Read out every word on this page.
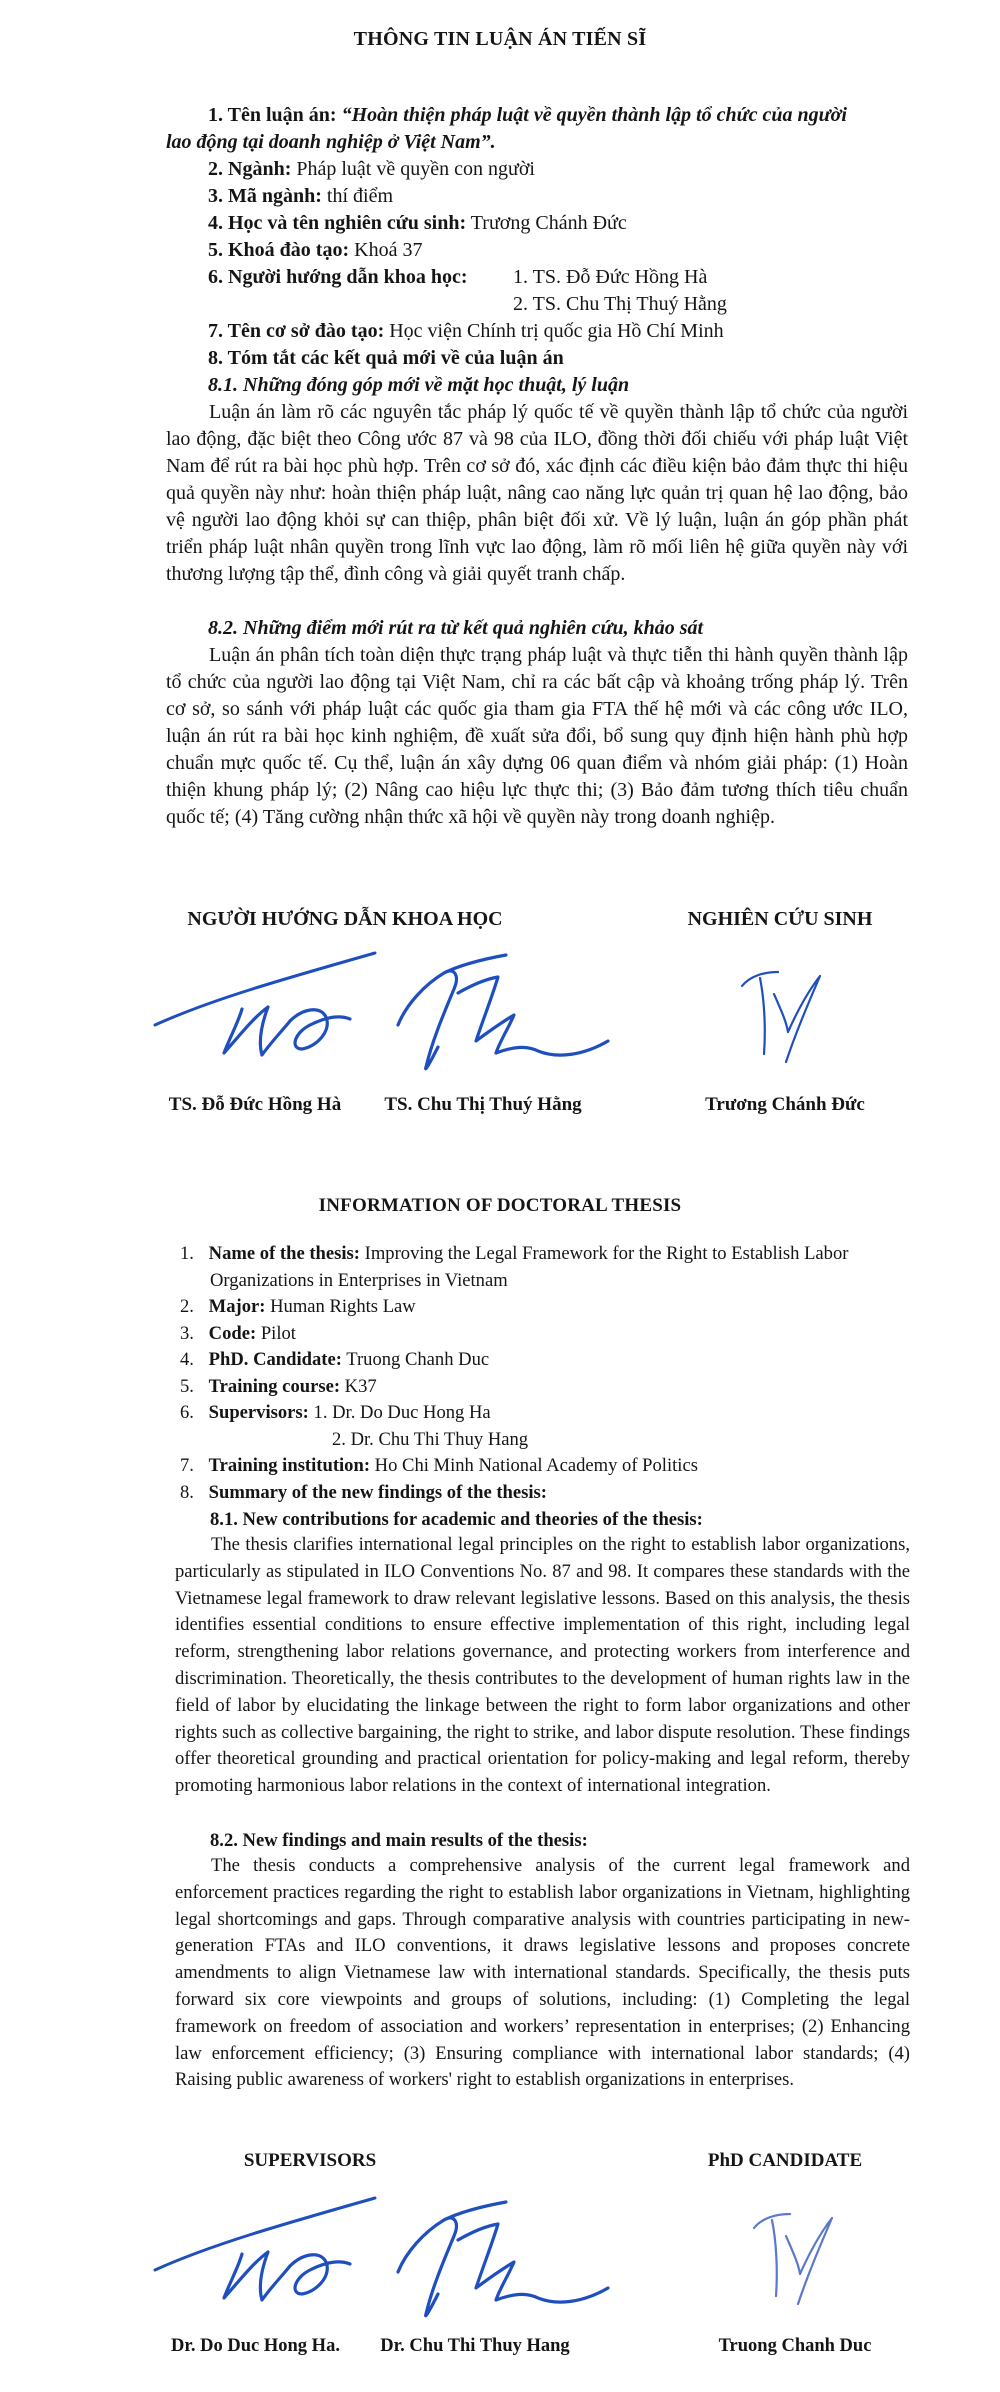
THÔNG TIN LUẬN ÁN TIẾN SĨ
1. Tên luận án: “Hoàn thiện pháp luật về quyền thành lập tổ chức của người
lao động tại doanh nghiệp ở Việt Nam”.
2. Ngành: Pháp luật về quyền con người
3. Mã ngành: thí điểm
4. Học và tên nghiên cứu sinh: Trương Chánh Đức
5. Khoá đào tạo: Khoá 37
6. Người hướng dẫn khoa học: 1. TS. Đỗ Đức Hồng Hà
2. TS. Chu Thị Thuý Hằng
7. Tên cơ sở đào tạo: Học viện Chính trị quốc gia Hồ Chí Minh
8. Tóm tắt các kết quả mới về của luận án
8.1. Những đóng góp mới về mặt học thuật, lý luận
Luận án làm rõ các nguyên tắc pháp lý quốc tế về quyền thành lập tổ chức của người lao động, đặc biệt theo Công ước 87 và 98 của ILO, đồng thời đối chiếu với pháp luật Việt Nam để rút ra bài học phù hợp. Trên cơ sở đó, xác định các điều kiện bảo đảm thực thi hiệu quả quyền này như: hoàn thiện pháp luật, nâng cao năng lực quản trị quan hệ lao động, bảo vệ người lao động khỏi sự can thiệp, phân biệt đối xử. Về lý luận, luận án góp phần phát triển pháp luật nhân quyền trong lĩnh vực lao động, làm rõ mối liên hệ giữa quyền này với thương lượng tập thể, đình công và giải quyết tranh chấp.
8.2. Những điểm mới rút ra từ kết quả nghiên cứu, khảo sát
Luận án phân tích toàn diện thực trạng pháp luật và thực tiễn thi hành quyền thành lập tổ chức của người lao động tại Việt Nam, chỉ ra các bất cập và khoảng trống pháp lý. Trên cơ sở, so sánh với pháp luật các quốc gia tham gia FTA thế hệ mới và các công ước ILO, luận án rút ra bài học kinh nghiệm, đề xuất sửa đổi, bổ sung quy định hiện hành phù hợp chuẩn mực quốc tế. Cụ thể, luận án xây dựng 06 quan điểm và nhóm giải pháp: (1) Hoàn thiện khung pháp lý; (2) Nâng cao hiệu lực thực thi; (3) Bảo đảm tương thích tiêu chuẩn quốc tế; (4) Tăng cường nhận thức xã hội về quyền này trong doanh nghiệp.
NGƯỜI HƯỚNG DẪN KHOA HỌC	NGHIÊN CỨU SINH
TS. Đỗ Đức Hồng Hà	TS. Chu Thị Thuý Hằng	Trương Chánh Đức
INFORMATION OF DOCTORAL THESIS
1. Name of the thesis: Improving the Legal Framework for the Right to Establish Labor
Organizations in Enterprises in Vietnam
2. Major: Human Rights Law
3. Code: Pilot
4. PhD. Candidate: Truong Chanh Duc
5. Training course: K37
6. Supervisors: 1. Dr. Do Duc Hong Ha
2. Dr. Chu Thi Thuy Hang
7. Training institution: Ho Chi Minh National Academy of Politics
8. Summary of the new findings of the thesis:
8.1. New contributions for academic and theories of the thesis:
The thesis clarifies international legal principles on the right to establish labor organizations, particularly as stipulated in ILO Conventions No. 87 and 98. It compares these standards with the Vietnamese legal framework to draw relevant legislative lessons. Based on this analysis, the thesis identifies essential conditions to ensure effective implementation of this right, including legal reform, strengthening labor relations governance, and protecting workers from interference and discrimination. Theoretically, the thesis contributes to the development of human rights law in the field of labor by elucidating the linkage between the right to form labor organizations and other rights such as collective bargaining, the right to strike, and labor dispute resolution. These findings offer theoretical grounding and practical orientation for policy-making and legal reform, thereby promoting harmonious labor relations in the context of international integration.
8.2. New findings and main results of the thesis:
The thesis conducts a comprehensive analysis of the current legal framework and enforcement practices regarding the right to establish labor organizations in Vietnam, highlighting legal shortcomings and gaps. Through comparative analysis with countries participating in new-generation FTAs and ILO conventions, it draws legislative lessons and proposes concrete amendments to align Vietnamese law with international standards. Specifically, the thesis puts forward six core viewpoints and groups of solutions, including: (1) Completing the legal framework on freedom of association and workers’ representation in enterprises; (2) Enhancing law enforcement efficiency; (3) Ensuring compliance with international labor standards; (4) Raising public awareness of workers' right to establish organizations in enterprises.
SUPERVISORS	PhD CANDIDATE
Dr. Do Duc Hong Ha.	Dr. Chu Thi Thuy Hang	Truong Chanh Duc
